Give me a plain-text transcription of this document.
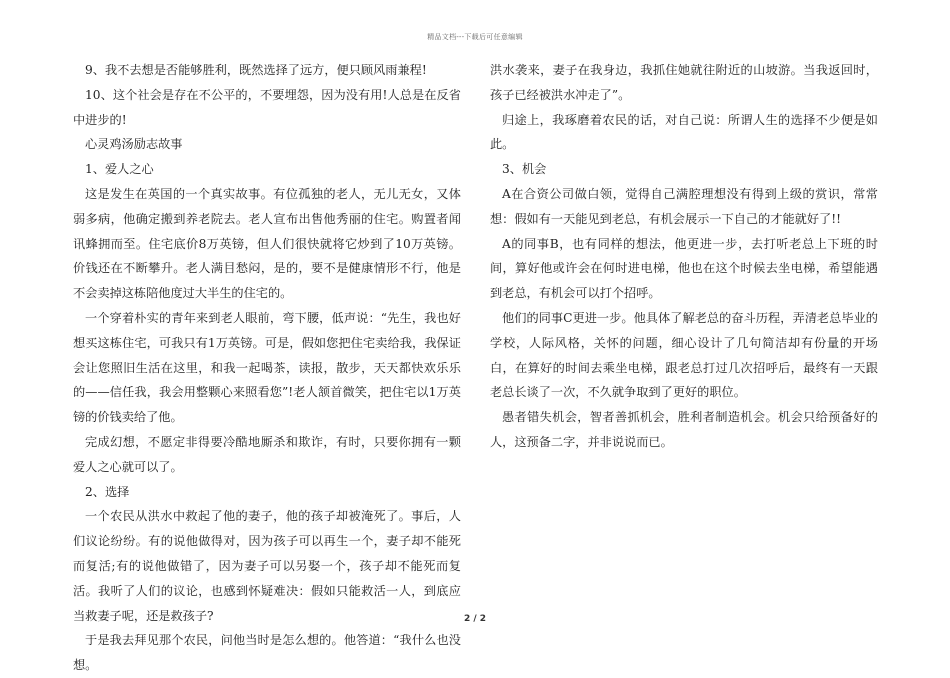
精品文档---下载后可任意编辑

9、我不去想是否能够胜利，既然选择了远方，便只顾风雨兼程!

10、这个社会是存在不公平的，不要埋怨，因为没有用!人总是在反省中进步的!

心灵鸡汤励志故事

1、爱人之心

这是发生在英国的一个真实故事。有位孤独的老人，无儿无女，又体弱多病，他确定搬到养老院去。老人宣布出售他秀丽的住宅。购置者闻讯蜂拥而至。住宅底价8万英镑，但人们很快就将它炒到了10万英镑。价钱还在不断攀升。老人满目愁闷，是的，要不是健康情形不行，他是不会卖掉这栋陪他度过大半生的住宅的。

一个穿着朴实的青年来到老人眼前，弯下腰，低声说：“先生，我也好想买这栋住宅，可我只有1万英镑。可是，假如您把住宅卖给我，我保证会让您照旧生活在这里，和我一起喝茶，读报，散步，天天都快欢乐乐的——信任我，我会用整颗心来照看您”!老人颔首微笑，把住宅以1万英镑的价钱卖给了他。

完成幻想，不愿定非得要冷酷地厮杀和欺诈，有时，只要你拥有一颗爱人之心就可以了。

2、选择

一个农民从洪水中救起了他的妻子，他的孩子却被淹死了。事后，人们议论纷纷。有的说他做得对，因为孩子可以再生一个，妻子却不能死而复活;有的说他做错了，因为妻子可以另娶一个，孩子却不能死而复活。我听了人们的议论，也感到怀疑难决：假如只能救活一人，到底应当救妻子呢，还是救孩子?

于是我去拜见那个农民，问他当时是怎么想的。他答道：“我什么也没想。

洪水袭来，妻子在我身边，我抓住她就往附近的山坡游。当我返回时，孩子已经被洪水冲走了”。

归途上，我琢磨着农民的话，对自己说：所谓人生的选择不少便是如此。

3、机会

A在合资公司做白领，觉得自己满腔理想没有得到上级的赏识，常常想：假如有一天能见到老总，有机会展示一下自己的才能就好了!!

A的同事B，也有同样的想法，他更进一步，去打听老总上下班的时间，算好他或许会在何时进电梯，他也在这个时候去坐电梯，希望能遇到老总，有机会可以打个招呼。

他们的同事C更进一步。他具体了解老总的奋斗历程，弄清老总毕业的学校，人际风格，关怀的问题，细心设计了几句简洁却有份量的开场白，在算好的时间去乘坐电梯，跟老总打过几次招呼后，最终有一天跟老总长谈了一次，不久就争取到了更好的职位。

愚者错失机会，智者善抓机会，胜利者制造机会。机会只给预备好的人，这预备二字，并非说说而已。

2 / 2
